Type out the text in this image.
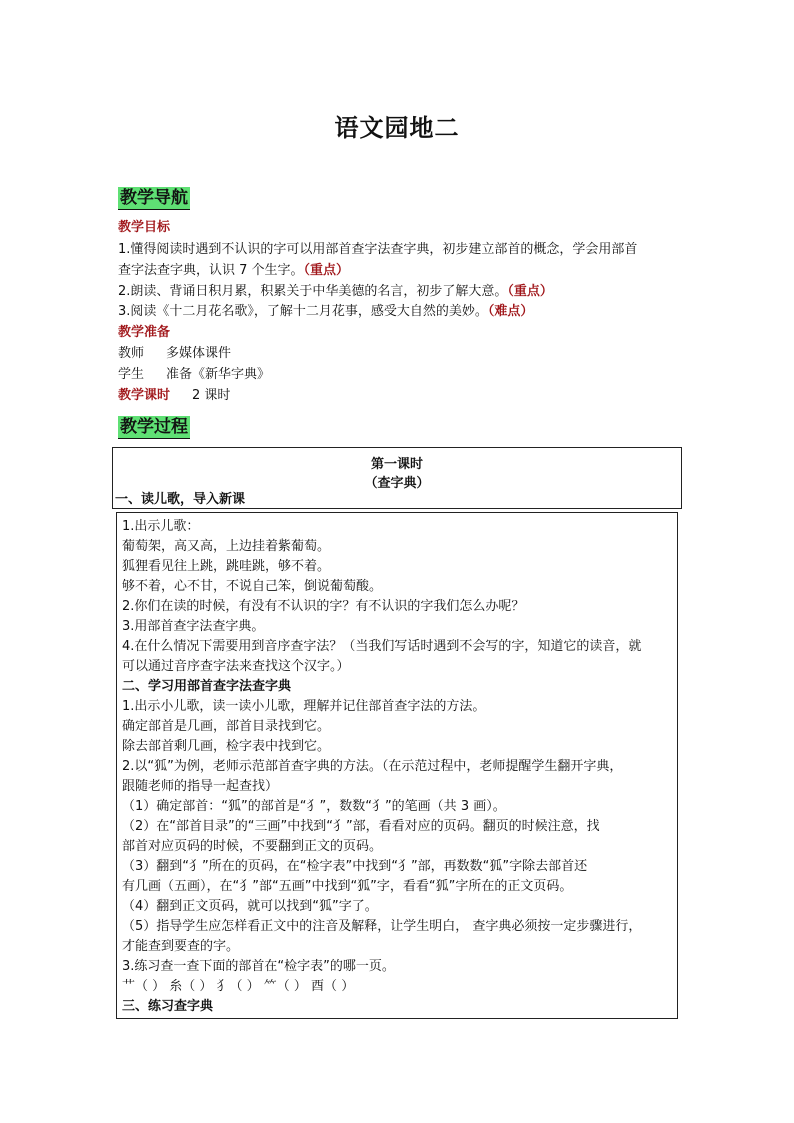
语文园地二
教学导航
教学目标
1.懂得阅读时遇到不认识的字可以用部首查字法查字典，初步建立部首的概念，学会用部首
查字法查字典，认识 7 个生字。（重点）
2.朗读、背诵日积月累，积累关于中华美德的名言，初步了解大意。（重点）
3.阅读《十二月花名歌》，了解十二月花事，感受大自然的美妙。（难点）
教学准备
教师 多媒体课件
学生 准备《新华字典》
教学课时 2 课时
教学过程
第一课时
（查字典）
一、读儿歌，导入新课
1.出示儿歌：
葡萄架，高又高，上边挂着紫葡萄。
狐狸看见往上跳，跳哇跳，够不着。
够不着，心不甘，不说自己笨，倒说葡萄酸。
2.你们在读的时候，有没有不认识的字？有不认识的字我们怎么办呢？
3.用部首查字法查字典。
4.在什么情况下需要用到音序查字法？（当我们写话时遇到不会写的字，知道它的读音，就
可以通过音序查字法来查找这个汉字。）
二、学习用部首查字法查字典
1.出示小儿歌，读一读小儿歌，理解并记住部首查字法的方法。
确定部首是几画，部首目录找到它。
除去部首剩几画，检字表中找到它。
2.以“狐”为例，老师示范部首查字典的方法。（在示范过程中，老师提醒学生翻开字典，
跟随老师的指导一起查找）
（1）确定部首：“狐”的部首是“犭”，数数“犭”的笔画（共 3 画）。
（2）在“部首目录”的“三画”中找到“犭”部，看看对应的页码。翻页的时候注意，找
部首对应页码的时候，不要翻到正文的页码。
（3）翻到“犭”所在的页码，在“检字表”中找到“犭”部，再数数“狐”字除去部首还
有几画（五画），在“犭”部“五画”中找到“狐”字，看看“狐”字所在的正文页码。
（4）翻到正文页码，就可以找到“狐”字了。
（5）指导学生应怎样看正文中的注音及解释，让学生明白， 查字典必须按一定步骤进行，
才能查到要查的字。
3.练习查一查下面的部首在“检字表”的哪一页。
艹（ ） 糸（ ） 犭（ ） ⺮（ ） 酉（ ）
三、练习查字典
